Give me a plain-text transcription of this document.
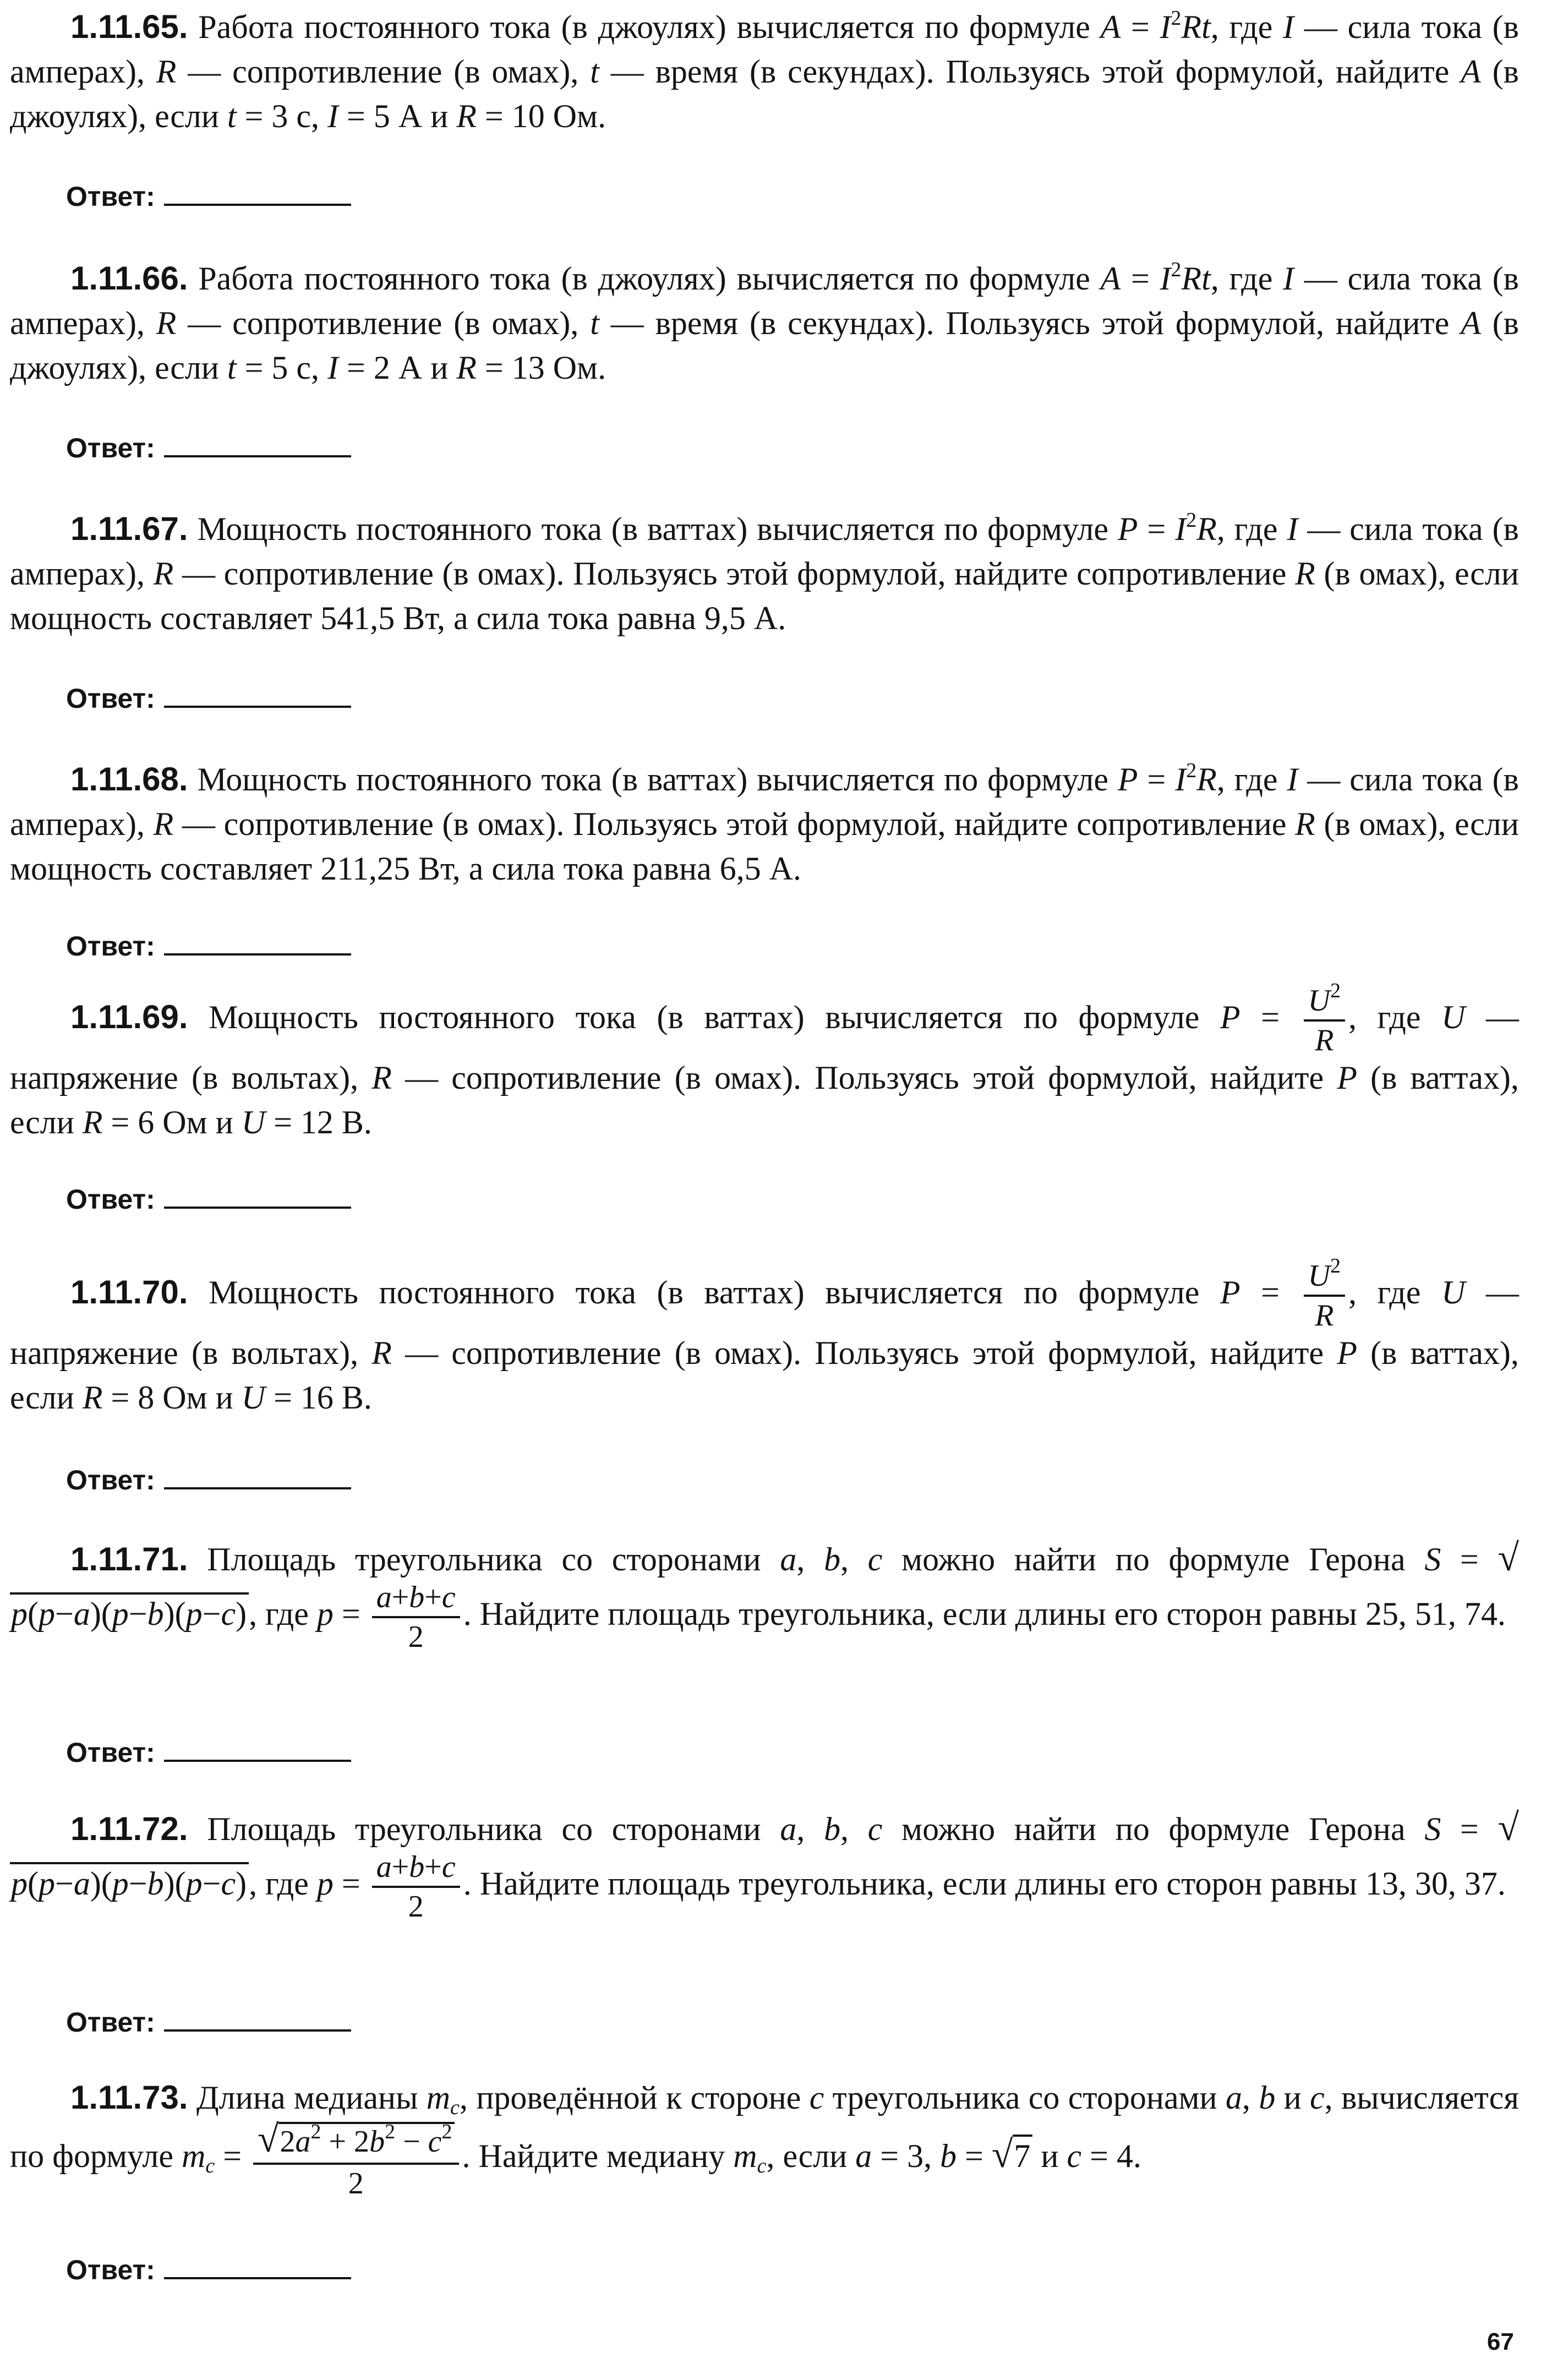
1.11.65. Работа постоянного тока (в джоулях) вычисляется по формуле $A = I^2Rt$, где I — сила тока (в амперах), R — сопротивление (в омах), t — время (в секундах). Пользуясь этой формулой, найдите A (в джоулях), если t = 3 с, I = 5 А и R = 10 Ом.

Ответ:

1.11.66. Работа постоянного тока (в джоулях) вычисляется по формуле $A = I^2Rt$, где I — сила тока (в амперах), R — сопротивление (в омах), t — время (в секундах). Пользуясь этой формулой, найдите A (в джоулях), если t = 5 с, I = 2 А и R = 13 Ом.

Ответ:

1.11.67. Мощность постоянного тока (в ваттах) вычисляется по формуле $P = I^2R$, где I — сила тока (в амперах), R — сопротивление (в омах). Пользуясь этой формулой, найдите сопротивление R (в омах), если мощность составляет 541,5 Вт, а сила тока равна 9,5 А.

Ответ:

1.11.68. Мощность постоянного тока (в ваттах) вычисляется по формуле $P = I^2R$, где I — сила тока (в амперах), R — сопротивление (в омах). Пользуясь этой формулой, найдите сопротивление R (в омах), если мощность составляет 211,25 Вт, а сила тока равна 6,5 А.

Ответ:

1.11.69. Мощность постоянного тока (в ваттах) вычисляется по формуле $P = \frac{U^2}{R}$ , где U — напряжение (в вольтах), R — сопротивление (в омах). Пользуясь этой формулой, найдите P (в ваттах), если R = 6 Ом и U = 12 В.

Ответ:

1.11.70. Мощность постоянного тока (в ваттах) вычисляется по формуле $P = \frac{U^2}{R}$ , где U — напряжение (в вольтах), R — сопротивление (в омах). Пользуясь этой формулой, найдите P (в ваттах), если R = 8 Ом и U = 16 В.

Ответ:

1.11.71. Площадь треугольника со сторонами a, b, c можно найти по формуле Герона S = √p(p−a)(p−b)(p−c), где $p = \frac{a+b+c}{2}$ . Найдите площадь треугольника, если длины его сторон равны 25, 51, 74.

Ответ:

1.11.72. Площадь треугольника со сторонами a, b, c можно найти по формуле Герона S = √p(p−a)(p−b)(p−c), где $p = \frac{a+b+c}{2}$ . Найдите площадь треугольника, если длины его сторон равны 13, 30, 37.

Ответ:

1.11.73. Длина медианы $m_c$, проведённой к стороне c треугольника со сторонами a, b и c, вычисляется по формуле $m_c = \frac{√2a^2 + 2b^2 - c^2}{2}$ . Найдите медиану $m_c$, если a = 3, b = √7 и c = 4.

Ответ:
67
